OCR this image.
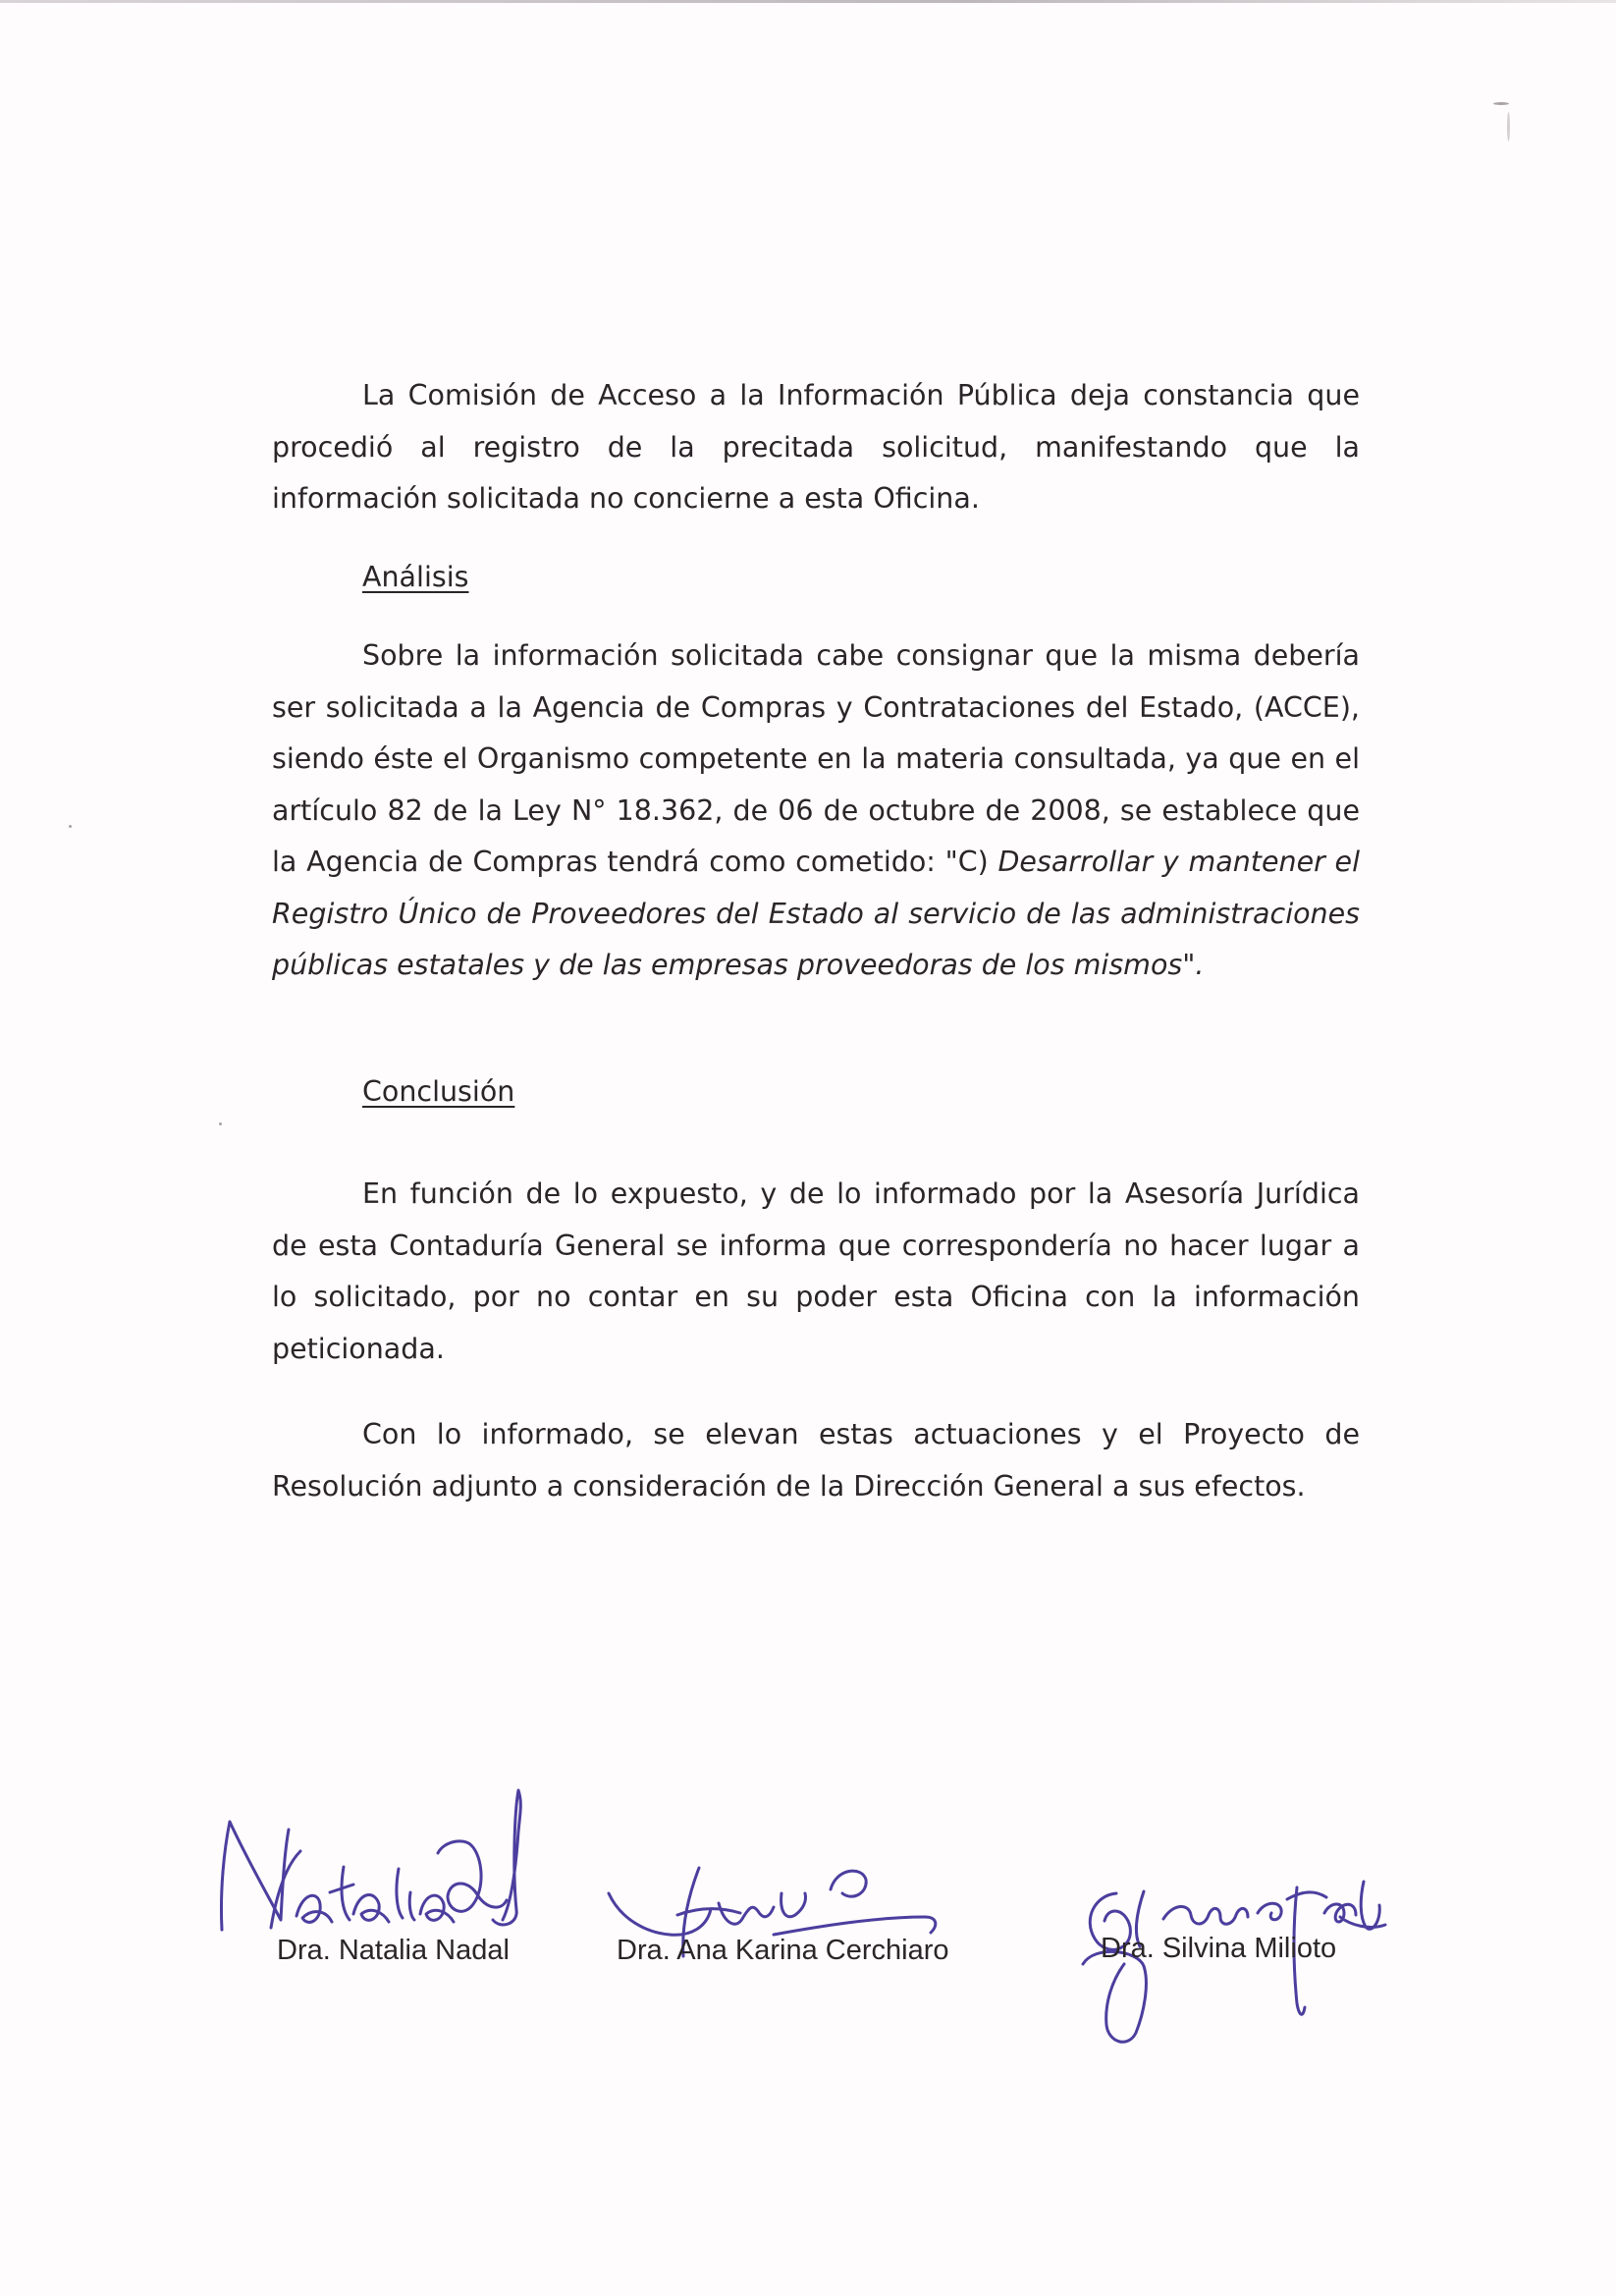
La Comisión de Acceso a la Información Pública deja constancia que procedió al registro de la precitada solicitud, manifestando que la información solicitada no concierne a esta Oficina.

Análisis

Sobre la información solicitada cabe consignar que la misma debería ser solicitada a la Agencia de Compras y Contrataciones del Estado, (ACCE), siendo éste el Organismo competente en la materia consultada, ya que en el artículo 82 de la Ley N° 18.362, de 06 de octubre de 2008, se establece que la Agencia de Compras tendrá como cometido: "C) Desarrollar y mantener el Registro Único de Proveedores del Estado al servicio de las administraciones públicas estatales y de las empresas proveedoras de los mismos".

Conclusión

En función de lo expuesto, y de lo informado por la Asesoría Jurídica de esta Contaduría General se informa que correspondería no hacer lugar a lo solicitado, por no contar en su poder esta Oficina con la información peticionada.

Con lo informado, se elevan estas actuaciones y el Proyecto de Resolución adjunto a consideración de la Dirección General a sus efectos.

Dra. Natalia Nadal	Dra. Ana Karina Cerchiaro	Dra. Silvina Milioto
